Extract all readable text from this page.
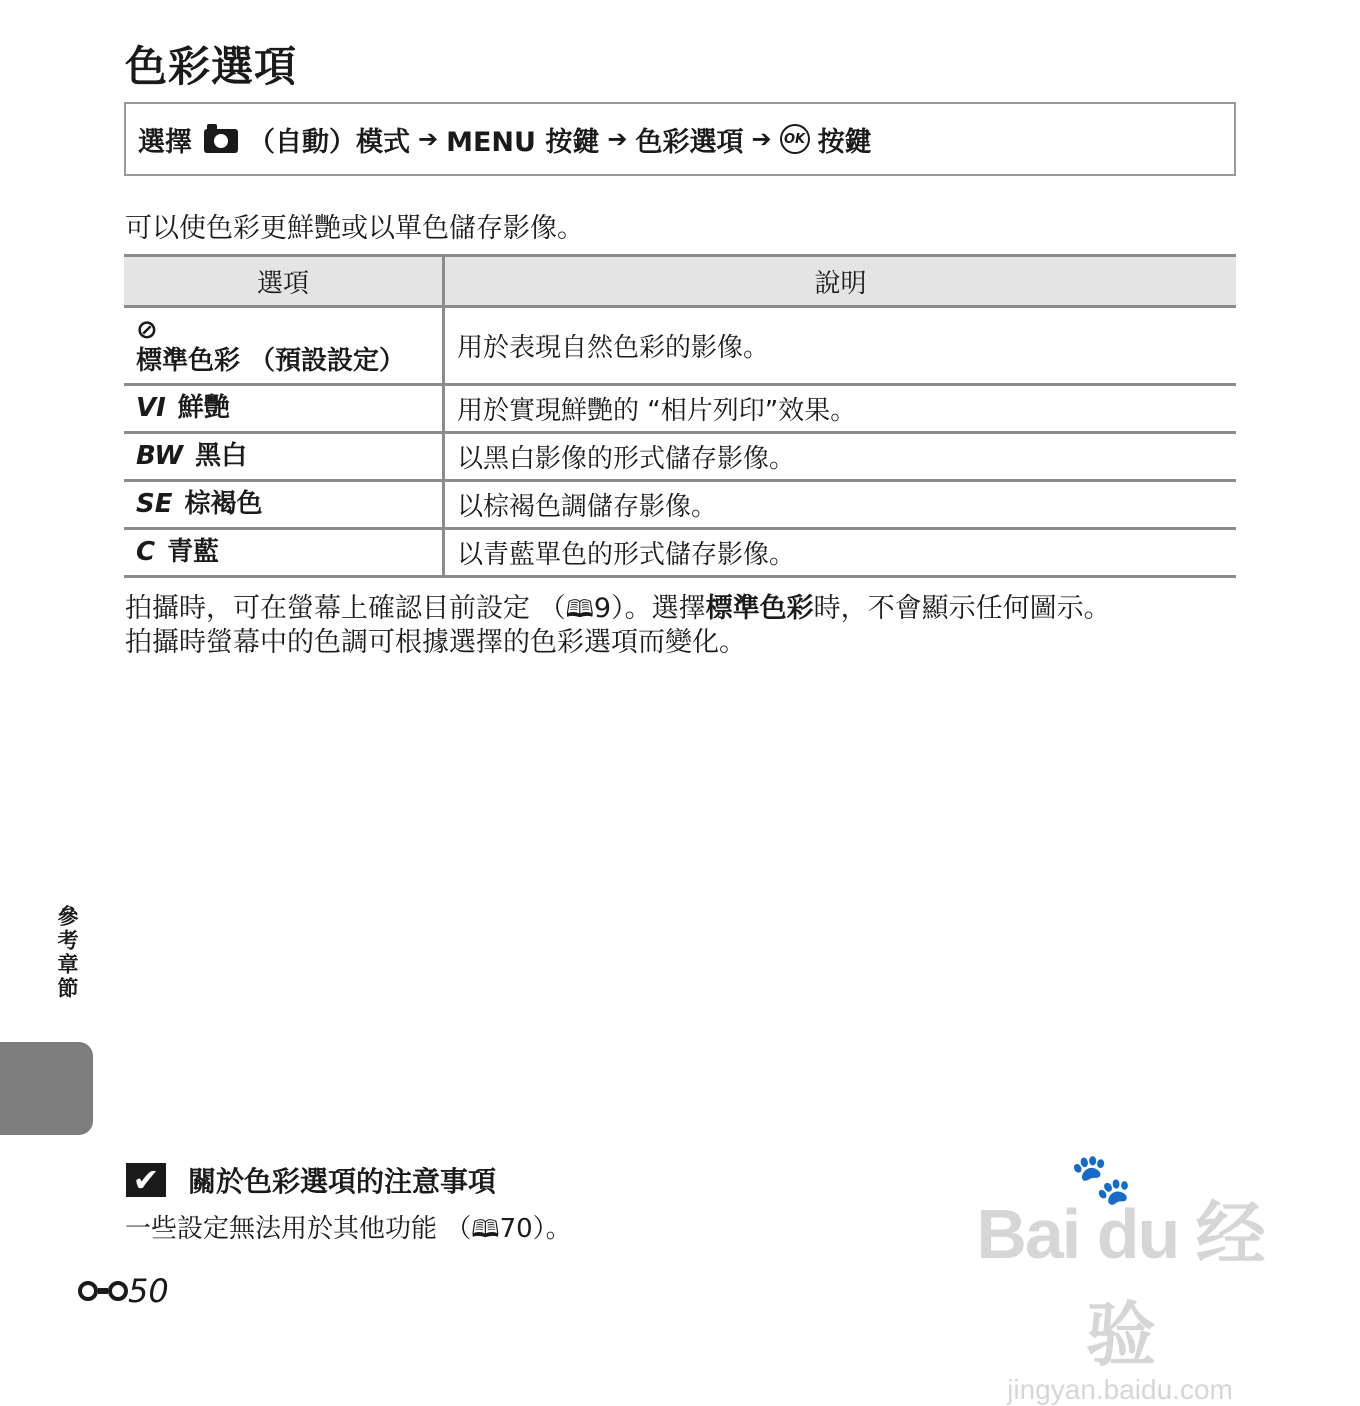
色彩選項
選擇 （自動）模式 ➔ MENU 按鍵 ➔ 色彩選項 ➔ OK 按鍵

可以使色彩更鮮艷或以單色儲存影像。

選項	說明
⊘標準色彩 （預設設定）	用於表現自然色彩的影像。
VI 鮮艷	用於實現鮮艷的 “相片列印”效果。
BW 黑白	以黑白影像的形式儲存影像。
SE 棕褐色	以棕褐色調儲存影像。
C 青藍	以青藍單色的形式儲存影像。

拍攝時，可在螢幕上確認目前設定 （🕮9）。選擇標準色彩時，不會顯示任何圖示。
拍攝時螢幕中的色調可根據選擇的色彩選項而變化。

參考章節
✔ 關於色彩選項的注意事項

一些設定無法用於其他功能 （🕮70）。

50
🐾
Bai du 经验
jingyan.baidu.com
